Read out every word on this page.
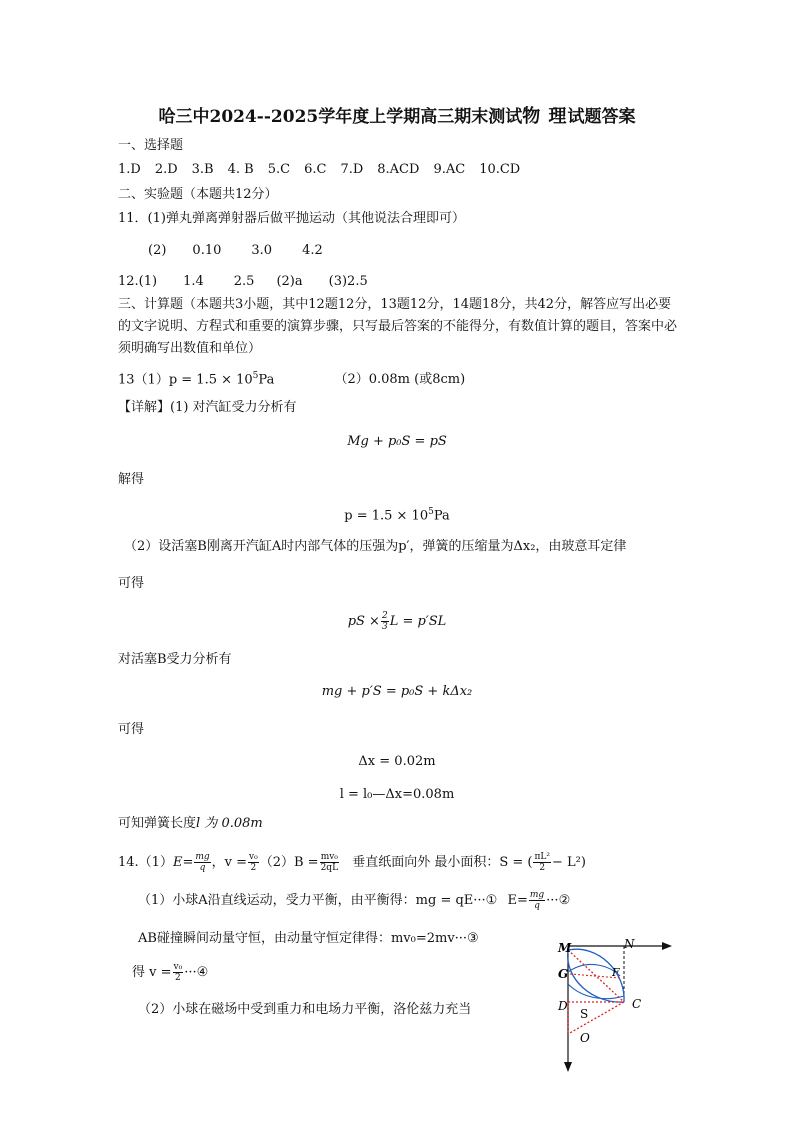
哈三中2024--2025学年度上学期高三期末测试物 理试题答案
一、选择题
1.D 2.D 3.B 4. B 5.C 6.C 7.D 8.ACD 9.AC 10.CD
二、实验题（本题共12分）
11．(1)弹丸弹离弹射器后做平抛运动（其他说法合理即可）
(2) 0.10 3.0 4.2
12.(1) 1.4 2.5 (2)a (3)2.5
三、计算题（本题共3小题，其中12题12分，13题12分，14题18分，共42分，解答应写出必要的文字说明、方程式和重要的演算步骤，只写最后答案的不能得分，有数值计算的题目，答案中必须明确写出数值和单位）
$13(1)p = 1.5 \times 10^5Pa$	（2）0.08m (或8cm)
【详解】(1) 对汽缸受力分析有
Mg + p₀S = pS
解得
$p = 1.5 \times 10^5Pa$
（2）设活塞B刚离开汽缸A时内部气体的压强为p′，弹簧的压缩量为Δx₂，由玻意耳定律
可得
pS × $\frac{2}{3}$ L = p′SL
对活塞B受力分析有
mg + p′S = p₀S + kΔx₂
可得
Δx = 0.02m
l = l₀—Δx=0.08m
可知弹簧长度l 为 0.08m
$14.(1)E= \frac{mg}{q}$ ，$v = \frac{\text{v₀}}{2} (2)B = \frac{\text{mv₀}}{2qL}$ 垂直纸面向外 最小面积：S = ( $\frac{\text{πL²}}{2} - L^2$)
（1）小球A沿直线运动，受力平衡，由平衡得：mg = qE···① $E= \frac{mg}{q}$ ···②
AB碰撞瞬间动量守恒，由动量守恒定律得：mv₀=2mv···③
得 $v = \frac{\text{v₀}}{2}$ ···④
（2）小球在磁场中受到重力和电场力平衡，洛伦兹力充当
M	N
G	F
D	C
S
O
